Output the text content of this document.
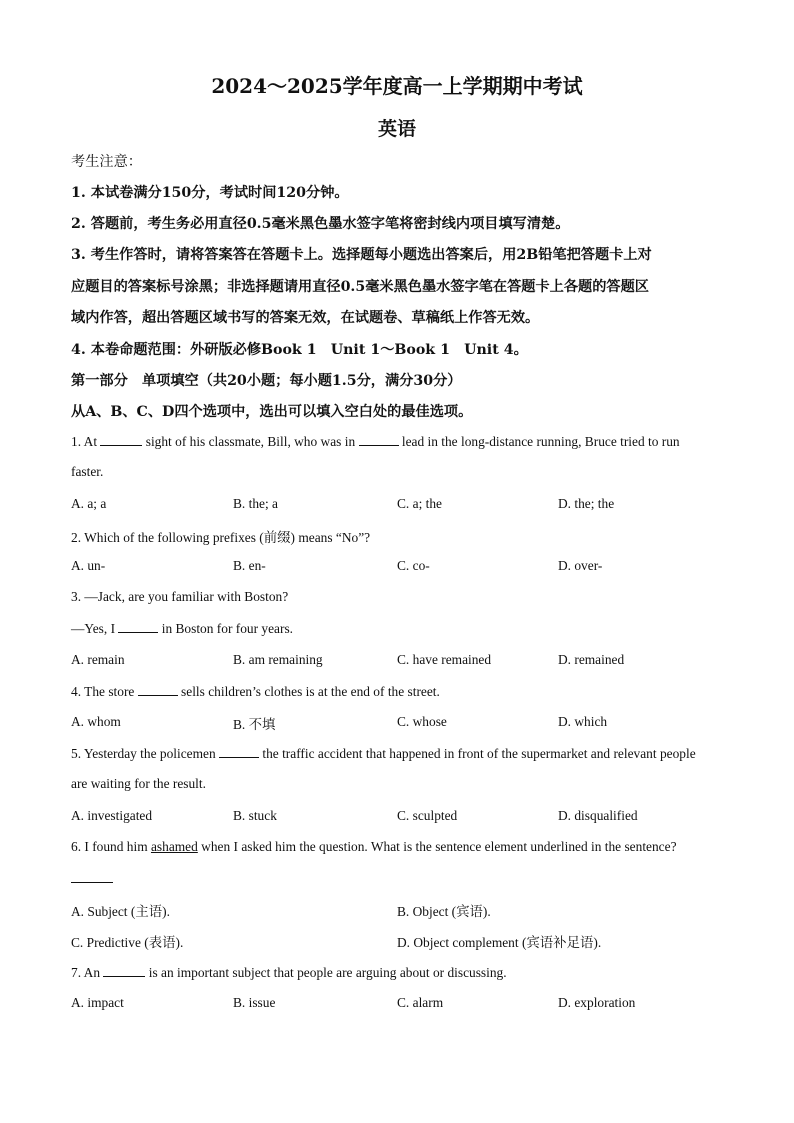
2024～2025学年度高一上学期期中考试
英语
考生注意：
1. 本试卷满分150分，考试时间120分钟。
2. 答题前，考生务必用直径0.5毫米黑色墨水签字笔将密封线内项目填写清楚。
3. 考生作答时，请将答案答在答题卡上。选择题每小题选出答案后，用2B铅笔把答题卡上对
应题目的答案标号涂黑；非选择题请用直径0.5毫米黑色墨水签字笔在答题卡上各题的答题区
域内作答，超出答题区域书写的答案无效，在试题卷、草稿纸上作答无效。
4. 本卷命题范围：外研版必修Book 1　Unit 1～Book 1　Unit 4。
第一部分　单项填空（共20小题；每小题1.5分，满分30分）
从A、B、C、D四个选项中，选出可以填入空白处的最佳选项。
1. At	sight of his classmate, Bill, who was in	lead in the long-distance running, Bruce tried to run
faster.
A. a; a	B. the; a	C. a; the	D. the; the
2. Which of the following prefixes (前缀) means “No”?
A. un-	B. en-	C. co-	D. over-
3. —Jack, are you familiar with Boston?
—Yes, I	in Boston for four years.
A. remain	B. am remaining	C. have remained	D. remained
4. The store	sells children’s clothes is at the end of the street.
A. whom	B. 不填	C. whose	D. which
5. Yesterday the policemen	the traffic accident that happened in front of the supermarket and relevant people
are waiting for the result.
A. investigated	B. stuck	C. sculpted	D. disqualified
6. I found him ashamed when I asked him the question. What is the sentence element underlined in the sentence?
A. Subject (主语).	B. Object (宾语).
C. Predictive (表语).	D. Object complement (宾语补足语).
7. An	is an important subject that people are arguing about or discussing.
A. impact	B. issue	C. alarm	D. exploration
